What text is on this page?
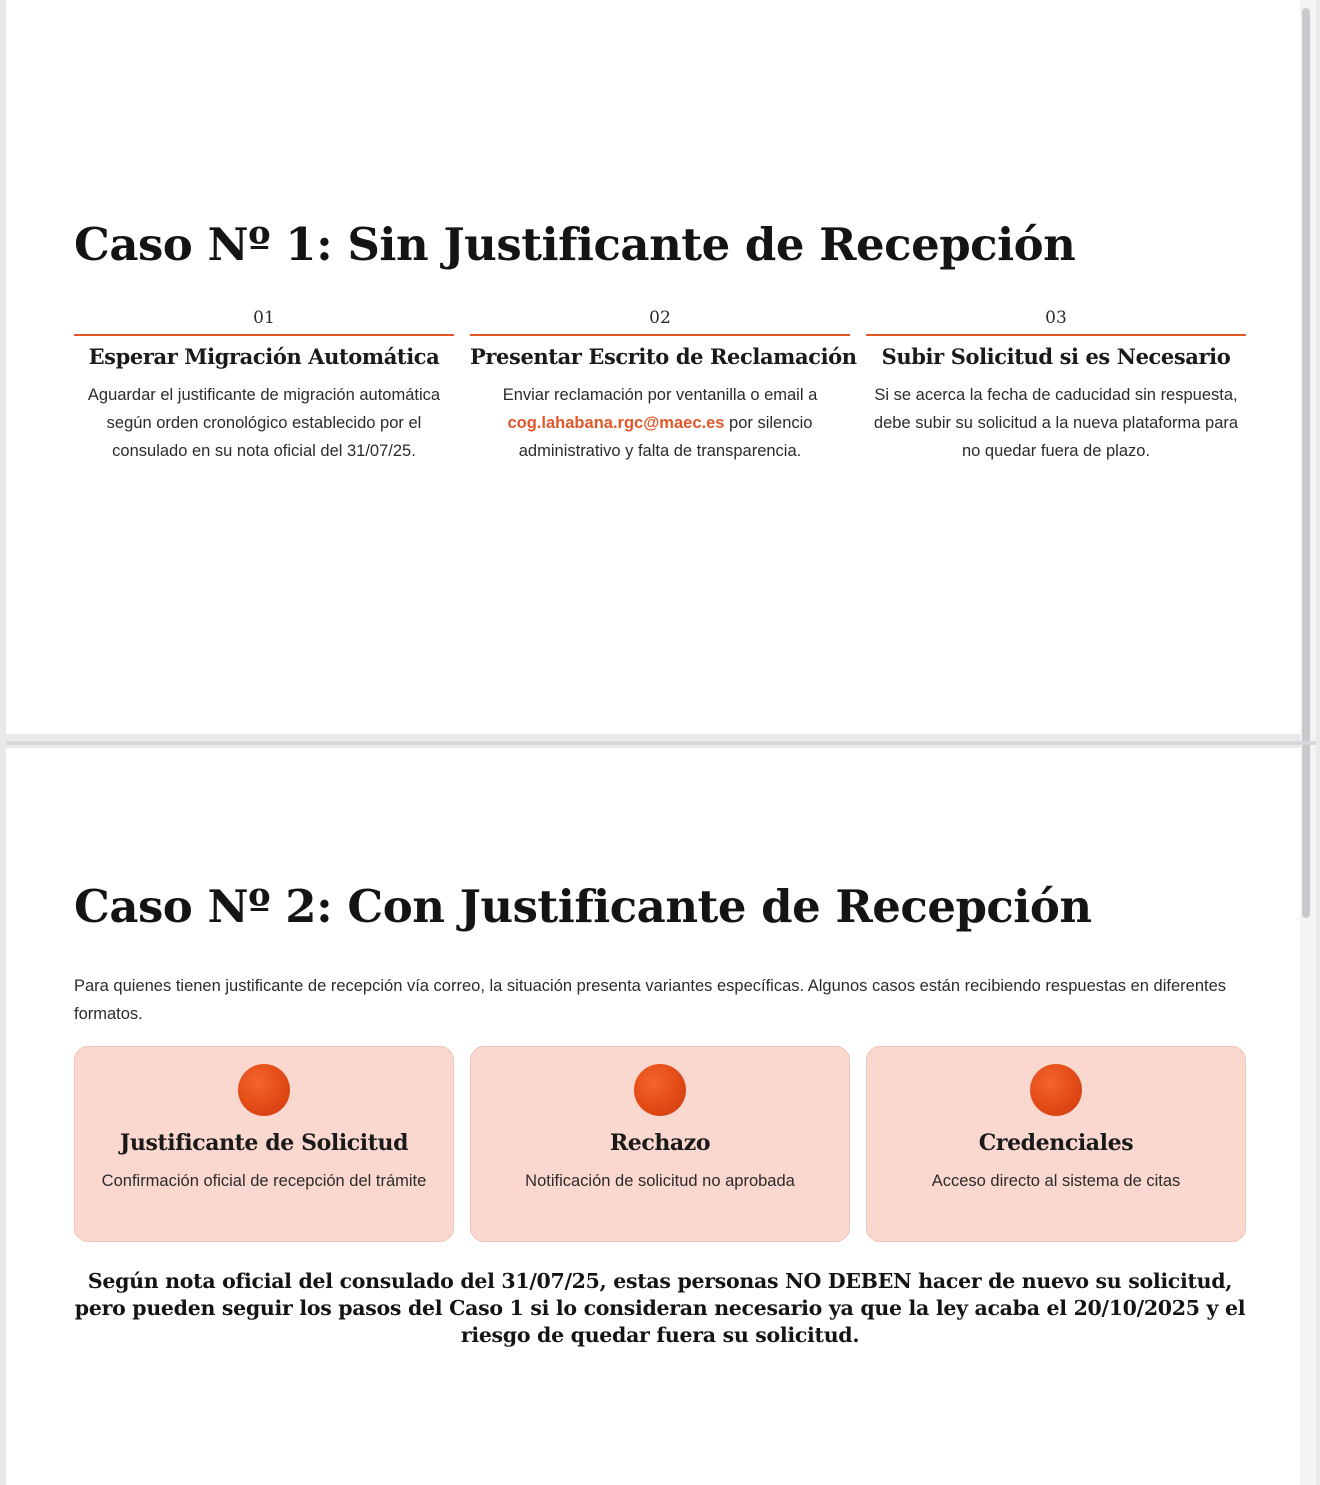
Caso Nº 1: Sin Justificante de Recepción
01
Esperar Migración Automática
Aguardar el justificante de migración automática según orden cronológico establecido por el consulado en su nota oficial del 31/07/25.
02
Presentar Escrito de Reclamación
Enviar reclamación por ventanilla o email a cog.lahabana.rgc@maec.es por silencio administrativo y falta de transparencia.
03
Subir Solicitud si es Necesario
Si se acerca la fecha de caducidad sin respuesta, debe subir su solicitud a la nueva plataforma para no quedar fuera de plazo.
Caso Nº 2: Con Justificante de Recepción

Para quienes tienen justificante de recepción vía correo, la situación presenta variantes específicas. Algunos casos están recibiendo respuestas en diferentes formatos.

Justificante de Solicitud
Confirmación oficial de recepción del trámite
Rechazo
Notificación de solicitud no aprobada
Credenciales
Acceso directo al sistema de citas

Según nota oficial del consulado del 31/07/25, estas personas NO DEBEN hacer de nuevo su solicitud, pero pueden seguir los pasos del Caso 1 si lo consideran necesario ya que la ley acaba el 20/10/2025 y el riesgo de quedar fuera su solicitud.
